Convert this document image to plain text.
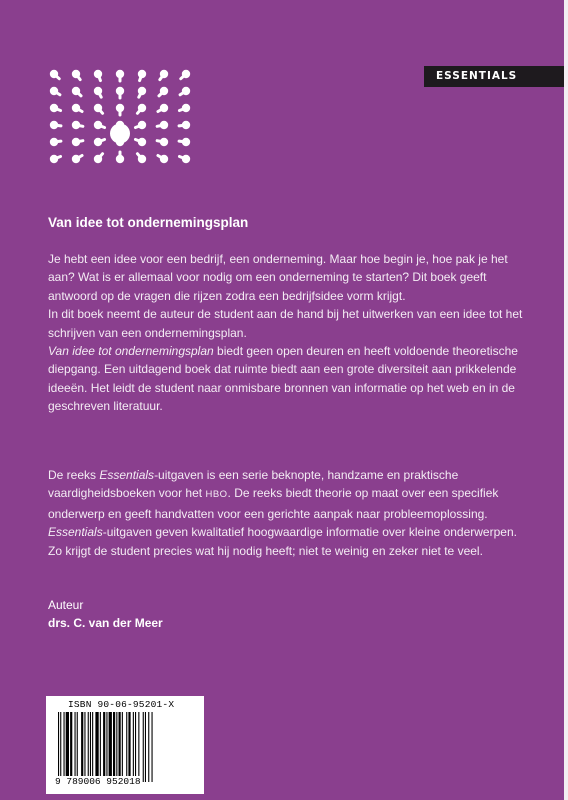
ESSENTIALS
Van idee tot ondernemingsplan

Je hebt een idee voor een bedrijf, een onderneming. Maar hoe begin je, hoe pak je het aan? Wat is er allemaal voor nodig om een onderneming te starten? Dit boek geeft antwoord op de vragen die rijzen zodra een bedrijfsidee vorm krijgt.

In dit boek neemt de auteur de student aan de hand bij het uitwerken van een idee tot het schrijven van een ondernemingsplan.

Van idee tot ondernemingsplan biedt geen open deuren en heeft voldoende theoretische diepgang. Een uitdagend boek dat ruimte biedt aan een grote diversiteit aan prikkelende ideeën. Het leidt de student naar onmisbare bronnen van informatie op het web en in de geschreven literatuur.

De reeks Essentials-uitgaven is een serie beknopte, handzame en praktische vaardigheidsboeken voor het HBO. De reeks biedt theorie op maat over een specifiek onderwerp en geeft handvatten voor een gerichte aanpak naar probleemoplossing. Essentials-uitgaven geven kwalitatief hoogwaardige informatie over kleine onderwerpen. Zo krijgt de student precies wat hij nodig heeft; niet te weinig en zeker niet te veel.

Auteur
drs. C. van der Meer
ISBN 90-06-95201-X
9 789006 952018
